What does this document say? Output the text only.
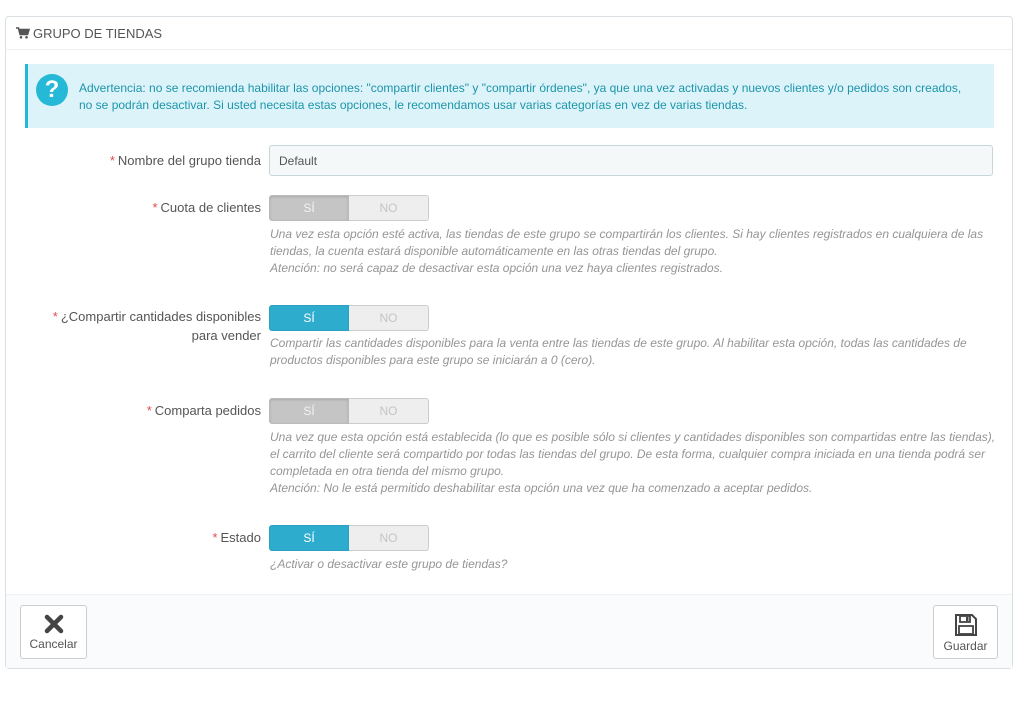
GRUPO DE TIENDAS
?	Advertencia: no se recomienda habilitar las opciones: "compartir clientes" y "compartir órdenes", ya que una vez activadas y nuevos clientes y/o pedidos son creados, no se podrán desactivar. Si usted necesita estas opciones, le recomendamos usar varias categorías en vez de varias tiendas.
* Nombre del grupo tienda
Default
* Cuota de clientes	SÍ	NO
Una vez esta opción esté activa, las tiendas de este grupo se compartirán los clientes. Si hay clientes registrados en cualquiera de las tiendas, la cuenta estará disponible automáticamente en las otras tiendas del grupo.
Atención: no será capaz de desactivar esta opción una vez haya clientes registrados.
* ¿Compartir cantidades disponibles
para vender
SÍ	NO
Compartir las cantidades disponibles para la venta entre las tiendas de este grupo. Al habilitar esta opción, todas las cantidades de productos disponibles para este grupo se iniciarán a 0 (cero).
* Comparta pedidos	SÍ	NO
Una vez que esta opción está establecida (lo que es posible sólo si clientes y cantidades disponibles son compartidas entre las tiendas), el carrito del cliente será compartido por todas las tiendas del grupo. De esta forma, cualquier compra iniciada en una tienda podrá ser completada en otra tienda del mismo grupo.
Atención: No le está permitido deshabilitar esta opción una vez que ha comenzado a aceptar pedidos.
* Estado	SÍ	NO
¿Activar o desactivar este grupo de tiendas?
Cancelar	Guardar
